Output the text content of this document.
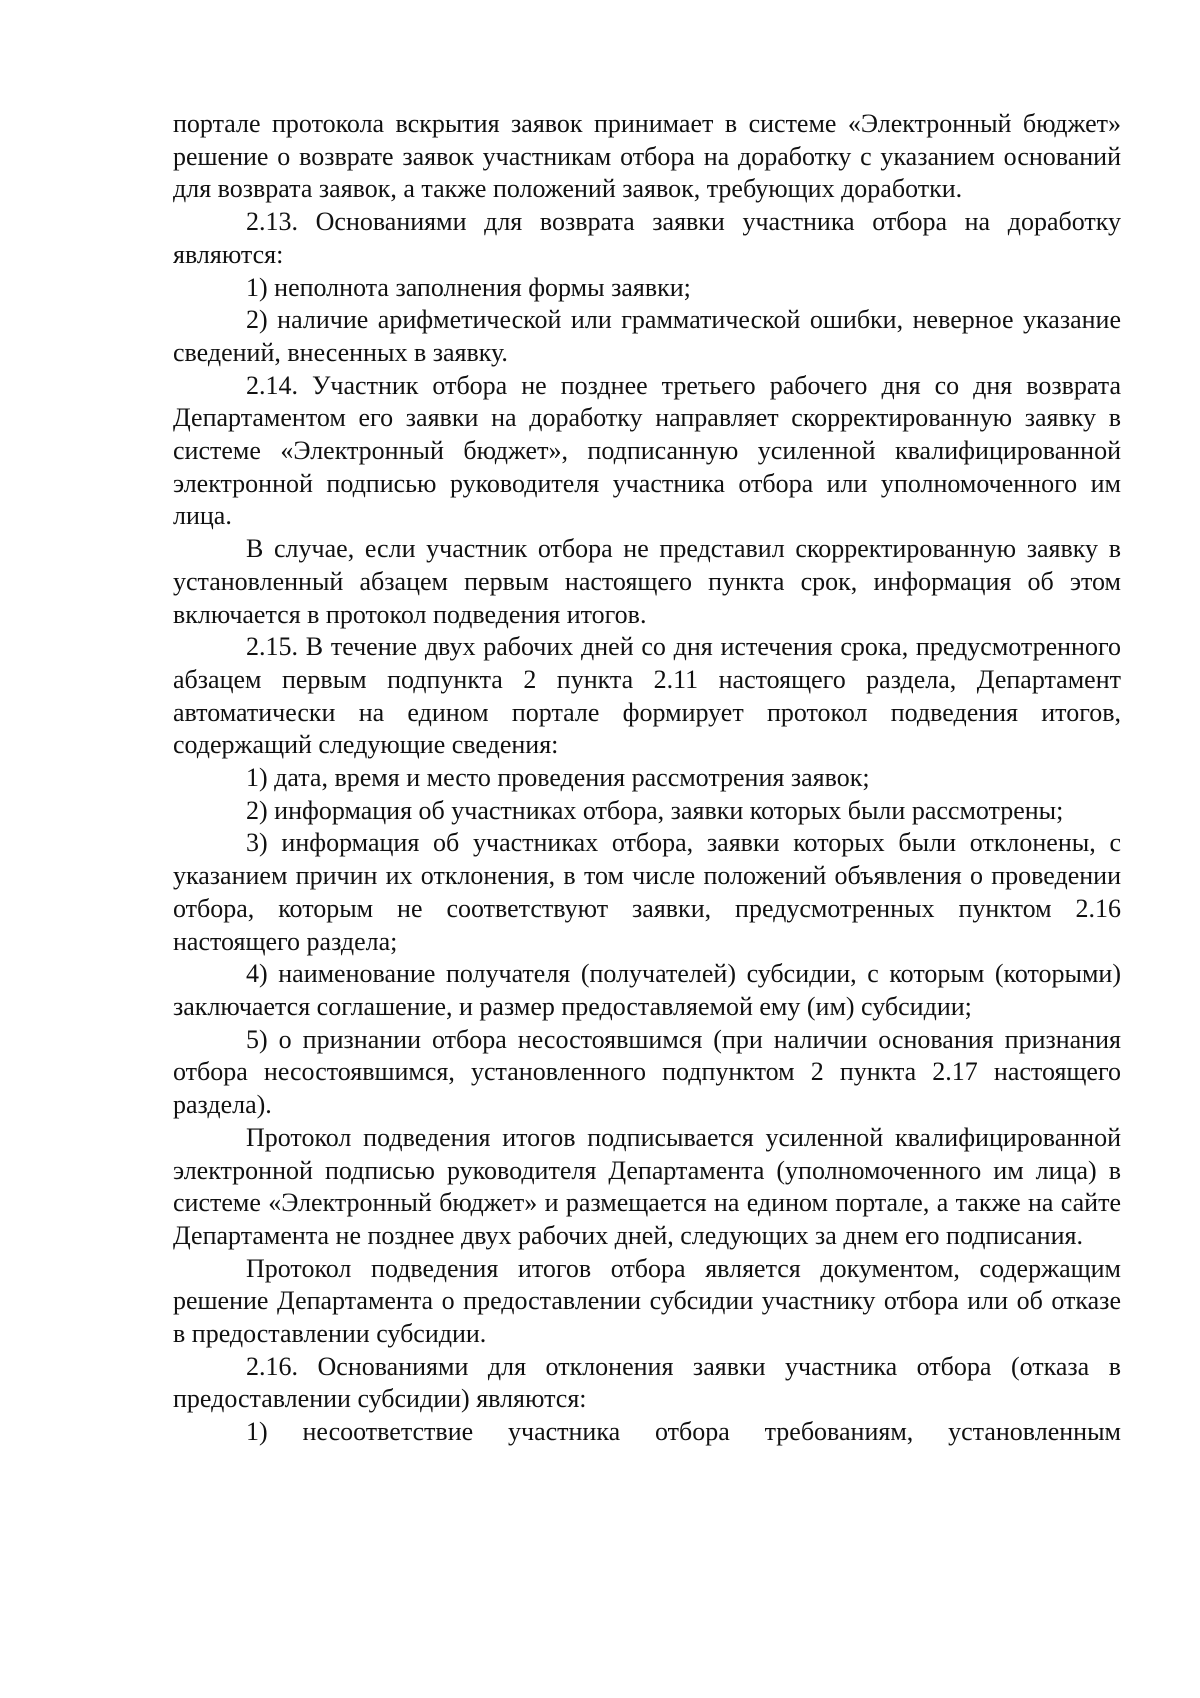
портале протокола вскрытия заявок принимает в системе «Электронный бюджет» решение о возврате заявок участникам отбора на доработку с указанием оснований для возврата заявок, а также положений заявок, требующих доработки.

2.13. Основаниями для возврата заявки участника отбора на доработку являются:

1) неполнота заполнения формы заявки;

2) наличие арифметической или грамматической ошибки, неверное указание сведений, внесенных в заявку.

2.14. Участник отбора не позднее третьего рабочего дня со дня возврата Департаментом его заявки на доработку направляет скорректированную заявку в системе «Электронный бюджет», подписанную усиленной квалифицированной электронной подписью руководителя участника отбора или уполномоченного им лица.

В случае, если участник отбора не представил скорректированную заявку в установленный абзацем первым настоящего пункта срок, информация об этом включается в протокол подведения итогов.

2.15. В течение двух рабочих дней со дня истечения срока, предусмотренного абзацем первым подпункта 2 пункта 2.11 настоящего раздела, Департамент автоматически на едином портале формирует протокол подведения итогов, содержащий следующие сведения:

1) дата, время и место проведения рассмотрения заявок;

2) информация об участниках отбора, заявки которых были рассмотрены;

3) информация об участниках отбора, заявки которых были отклонены, с указанием причин их отклонения, в том числе положений объявления о проведении отбора, которым не соответствуют заявки, предусмотренных пунктом 2.16 настоящего раздела;

4) наименование получателя (получателей) субсидии, с которым (которыми) заключается соглашение, и размер предоставляемой ему (им) субсидии;

5) о признании отбора несостоявшимся (при наличии основания признания отбора несостоявшимся, установленного подпунктом 2 пункта 2.17 настоящего раздела).

Протокол подведения итогов подписывается усиленной квалифицированной электронной подписью руководителя Департамента (уполномоченного им лица) в системе «Электронный бюджет» и размещается на едином портале, а также на сайте Департамента не позднее двух рабочих дней, следующих за днем его подписания.

Протокол подведения итогов отбора является документом, содержащим решение Департамента о предоставлении субсидии участнику отбора или об отказе в предоставлении субсидии.

2.16. Основаниями для отклонения заявки участника отбора (отказа в предоставлении субсидии) являются:

1) несоответствие участника отбора требованиям, установленным
